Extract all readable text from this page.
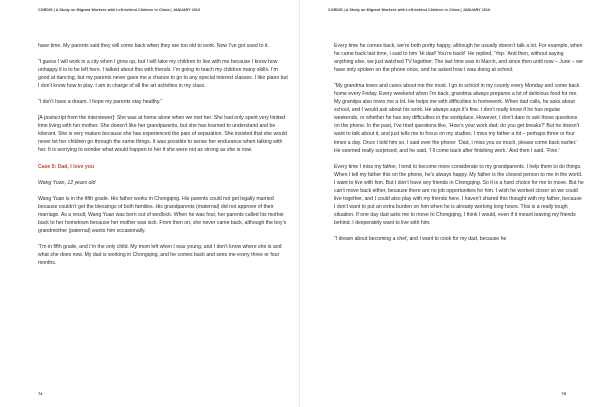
CORDIS | A Study on Migrant Workers with Left-behind Children in China | JANUARY 2010

have time. My parents said they will come back when they are too old to work. Now I’ve got used to it.

“I guess I will work in a city when I grow up, but I will take my children to live with me because I know how unhappy it is to be left here. I talked about this with friends. I’m going to teach my children many skills. I’m good at dancing, but my parents never gave me a chance to go to any special interest classes. I like piano but I don’t know how to play. I am in charge of all the art activities in my class.

“I don’t have a dream. I hope my parents stay healthy.”

[A postscript from the interviewer]: She was at home alone when we met her. She had only spent very limited time living with her mother. She doesn’t like her grandparents, but she has learned to understand and be tolerant. She is very mature because she has experienced the pain of separation. She insisted that she would never let her children go through the same things. It was possible to sense her endurance when talking with her. It is worrying to wonder what would happen to her if she were not as strong as she is now.

Case 5: Dad, I love you

Wang Yuan, 12 years old

Wang Yuan is in the fifth grade. His father works in Chongqing. His parents could not get legally married because couldn’t get the blessings of both families. His grandparents (maternal) did not approve of their marriage. As a result, Wang Yuan was born out of wedlock. When he was four, her parents called his mother back to her hometown because her mother was sick. From then on, she never came back, although the boy’s grandmother (paternal) wants him occasionally.

“I’m in fifth grade, and I’m the only child. My mom left when I was young, and I don’t know where she is and what she does now. My dad is working in Chongqing, and he comes back and sees me every three or four months.

74
CORDIS | A Study on Migrant Workers with Left-behind Children in China | JANUARY 2010

Every time he comes back, we’re both pretty happy, although he usually doesn’t talk a lot. For example, when he came back last time, I said to him ‘Hi dad! You’re back!’ He replied, ‘Yep.’ And then, without saying anything else, we just watched TV together. The last time was in March, and since then until now – June – we have only spoken on the phone once, and he asked how I was doing at school.

“My grandma loves and cares about me the most. I go to school in my county every Monday and come back home every Friday. Every weekend when I’m back, grandma always prepares a lot of delicious food for me. My grandpa also loves me a lot. He helps me with difficulties in homework. When dad calls, he asks about school, and I would ask about his work. He always says it’s fine. I don’t really know if he has regular weekends, or whether he has any difficulties in the workplace. However, I don’t dare to ask those questions on the phone. In the past, I’ve tried questions like, ‘How’s your work dad; do you get breaks?’ But he doesn’t want to talk about it, and just tells me to focus on my studies. I miss my father a lot – perhaps three or four times a day. Once I told him so. I said over the phone: ‘Dad, I miss you so much, please come back earlier.’ He seemed really surprised, and he said, ‘I’ll come back after finishing work.’ And then I said, ‘Fine.’

Every time I miss my father, I tend to become more considerate to my grandparents. I help them to do things. When I tell my father this on the phone, he’s always happy. My father is the closest person to me in the world. I want to live with him. But I don’t have any friends in Chongqing. So it is a hard choice for me to move. But he can’t move back either, because there are no job opportunities for him. I wish he worked closer so we could live together, and I could also play with my friends here. I haven’t shared this thought with my father, because I don’t want to put an extra burden on him when he is already working long hours. This is a really tough situation. If one day dad asks me to move to Chongqing, I think I would, even if it meant leaving my friends behind. I desperately want to live with him.

“I dream about becoming a chef, and I want to cook for my dad, because he

75
